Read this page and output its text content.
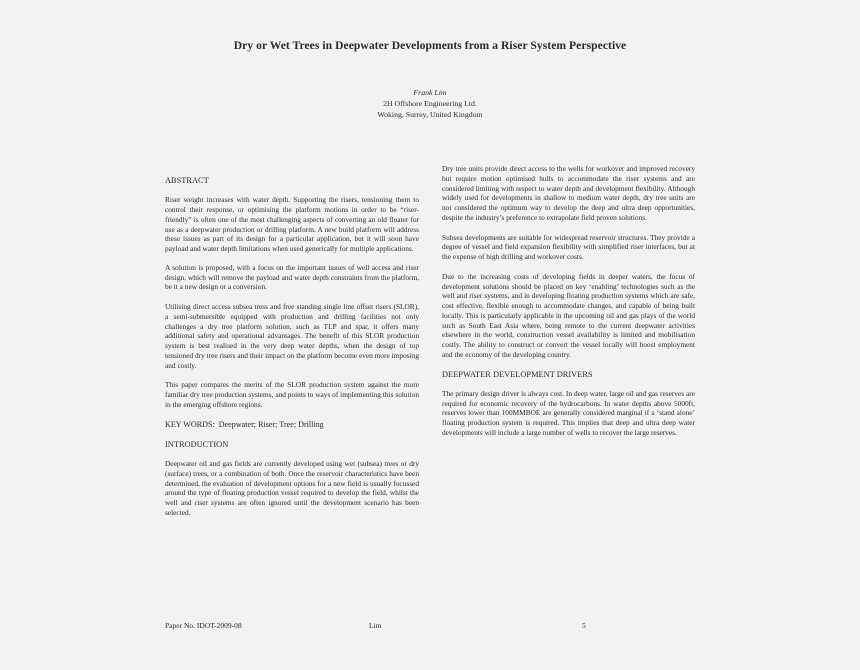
Dry or Wet Trees in Deepwater Developments from a Riser System Perspective
Frank Lim
2H Offshore Engineering Ltd.
Woking, Surrey, United Kingdom
ABSTRACT

Riser weight increases with water depth. Supporting the risers, tensioning them to control their response, or optimising the platform motions in order to be “riser-friendly” is often one of the most challenging aspects of converting an old floater for use as a deepwater production or drilling platform. A new build platform will address these issues as part of its design for a particular application, but it will soon have payload and water depth limitations when used generically for multiple applications.

A solution is proposed, with a focus on the important issues of well access and riser design, which will remove the payload and water depth constraints from the platform, be it a new design or a conversion.

Utilising direct access subsea tress and free standing single line offset risers (SLOR), a semi-submersible equipped with production and drilling facilities not only challenges a dry tree platform solution, such as TLP and spar, it offers many additional safety and operational advantages. The benefit of this SLOR production system is best realised in the very deep water depths, when the design of top tensioned dry tree risers and their impact on the platform become even more imposing and costly.

This paper compares the merits of the SLOR production system against the more familiar dry tree production systems, and points to ways of implementing this solution in the emerging offshore regions.

KEY WORDS: Deepwater; Riser; Tree; Drilling
INTRODUCTION

Deepwater oil and gas fields are currently developed using wet (subsea) trees or dry (surface) trees, or a combination of both. Once the reservoir characteristics have been determined, the evaluation of development options for a new field is usually focussed around the type of floating production vessel required to develop the field, whilst the well and riser systems are often ignored until the development scenario has been selected.

Dry tree units provide direct access to the wells for workover and improved recovery but require motion optimised hulls to accommodate the riser systems and are considered limiting with respect to water depth and development flexibility. Although widely used for developments in shallow to medium water depth, dry tree units are not considered the optimum way to develop the deep and ultra deep opportunities, despite the industry’s preference to extrapolate field proven solutions.

Subsea developments are suitable for widespread reservoir structures. They provide a degree of vessel and field expansion flexibility with simplified riser interfaces, but at the expense of high drilling and workover costs.

Due to the increasing costs of developing fields in deeper waters, the focus of development solutions should be placed on key ‘enabling’ technologies such as the well and riser systems, and in developing floating production systems which are safe, cost effective, flexible enough to accommodate changes, and capable of being built locally. This is particularly applicable in the upcoming oil and gas plays of the world such as South East Asia where, being remote to the current deepwater activities elsewhere in the world, construction vessel availability is limited and mobilisation costly. The ability to construct or convert the vessel locally will boost employment and the economy of the developing country.

DEEPWATER DEVELOPMENT DRIVERS

The primary design driver is always cost. In deep water, large oil and gas reserves are required for economic recovery of the hydrocarbons. In water depths above 5000ft, reserves lower than 100MMBOE are generally considered marginal if a ‘stand alone’ floating production system is required. This implies that deep and ultra deep water developments will include a large number of wells to recover the large reserves.

Paper No. IDOT-2009-08	Lim	5
